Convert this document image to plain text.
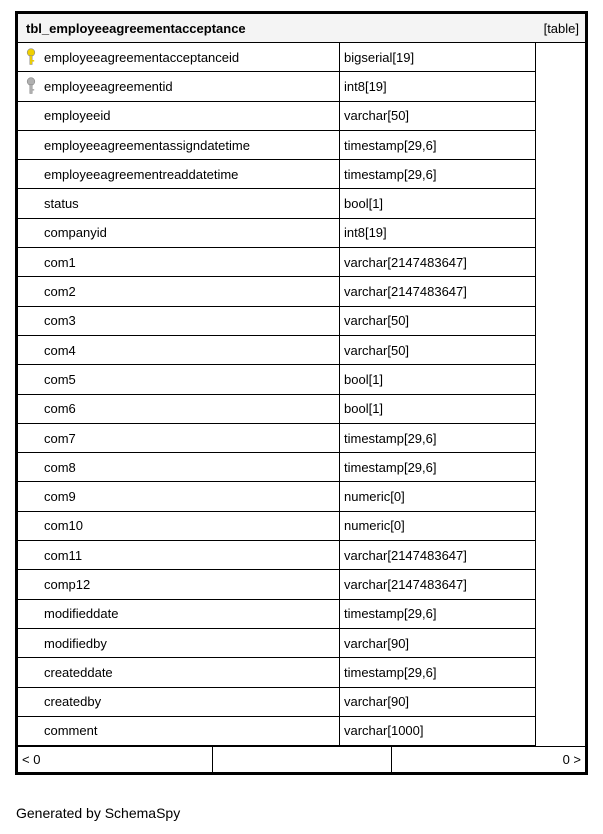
tbl_employeeagreementacceptance	[table]
employeeagreementacceptanceid	bigserial[19]
employeeagreementid	int8[19]
employeeid	varchar[50]
employeeagreementassigndatetime	timestamp[29,6]
employeeagreementreaddatetime	timestamp[29,6]
status	bool[1]
companyid	int8[19]
com1	varchar[2147483647]
com2	varchar[2147483647]
com3	varchar[50]
com4	varchar[50]
com5	bool[1]
com6	bool[1]
com7	timestamp[29,6]
com8	timestamp[29,6]
com9	numeric[0]
com10	numeric[0]
com11	varchar[2147483647]
comp12	varchar[2147483647]
modifieddate	timestamp[29,6]
modifiedby	varchar[90]
createddate	timestamp[29,6]
createdby	varchar[90]
comment	varchar[1000]
< 0	0 >
Generated by SchemaSpy
